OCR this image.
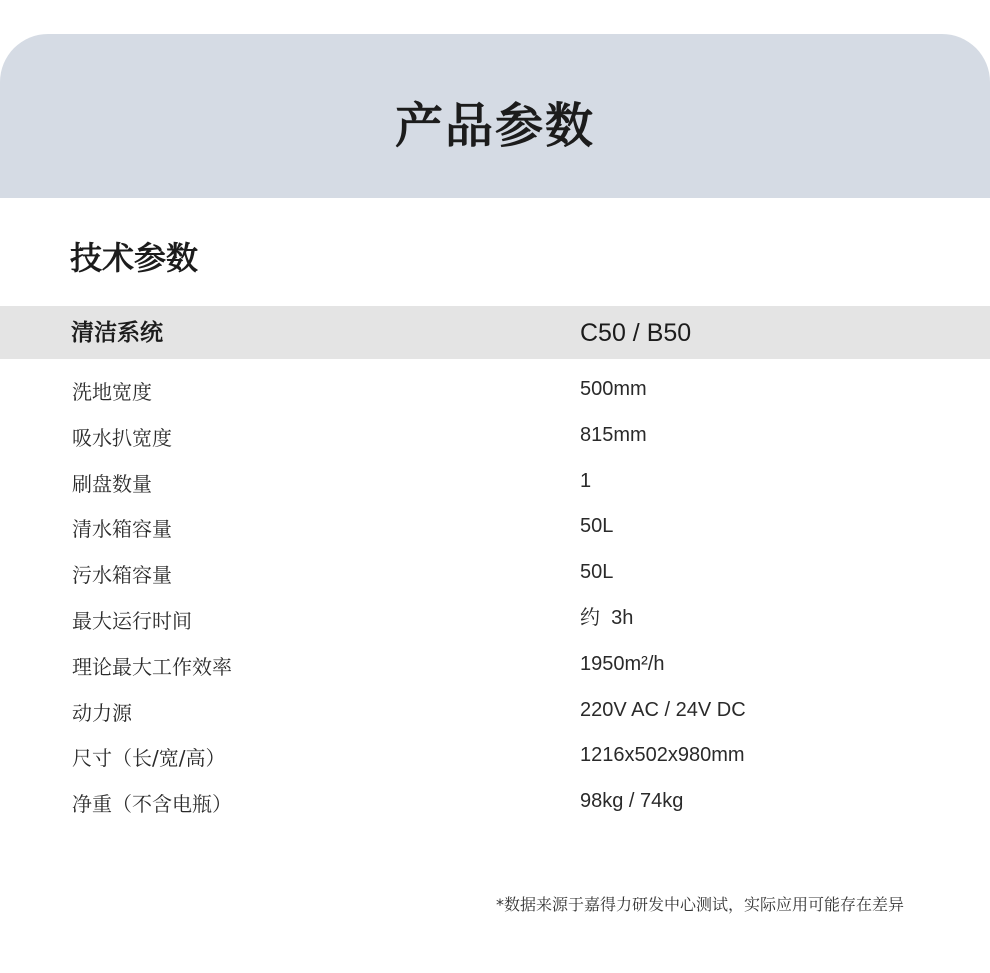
产品参数
技术参数
清洁系统	C50 / B50
洗地宽度	500mm
吸水扒宽度	815mm
刷盘数量	1
清水箱容量	50L
污水箱容量	50L
最大运行时间	约  3h
理论最大工作效率	1950m²/h
动力源	220V AC / 24V DC
尺寸（长/宽/高）	1216x502x980mm
净重（不含电瓶）	98kg / 74kg
*数据来源于嘉得力研发中心测试，实际应用可能存在差异
